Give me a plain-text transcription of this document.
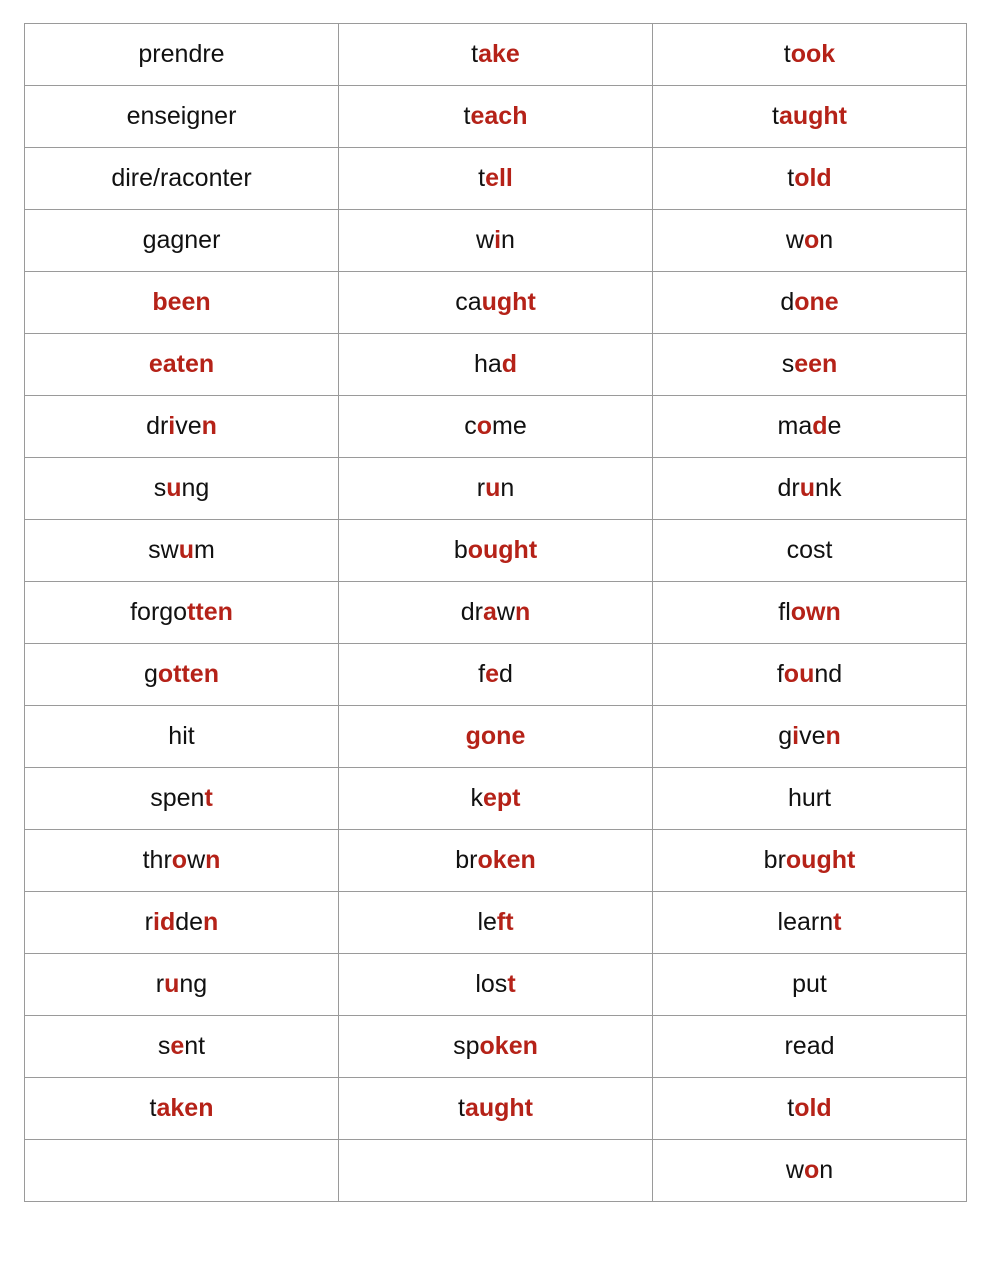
prendre	take	took
enseigner	teach	taught
dire/raconter	tell	told
gagner	win	won
been	caught	done
eaten	had	seen
driven	come	made
sung	run	drunk
swum	bought	cost
forgotten	drawn	flown
gotten	fed	found
hit	gone	given
spent	kept	hurt
thrown	broken	brought
ridden	left	learnt
rung	lost	put
sent	spoken	read
taken	taught	told
		won
